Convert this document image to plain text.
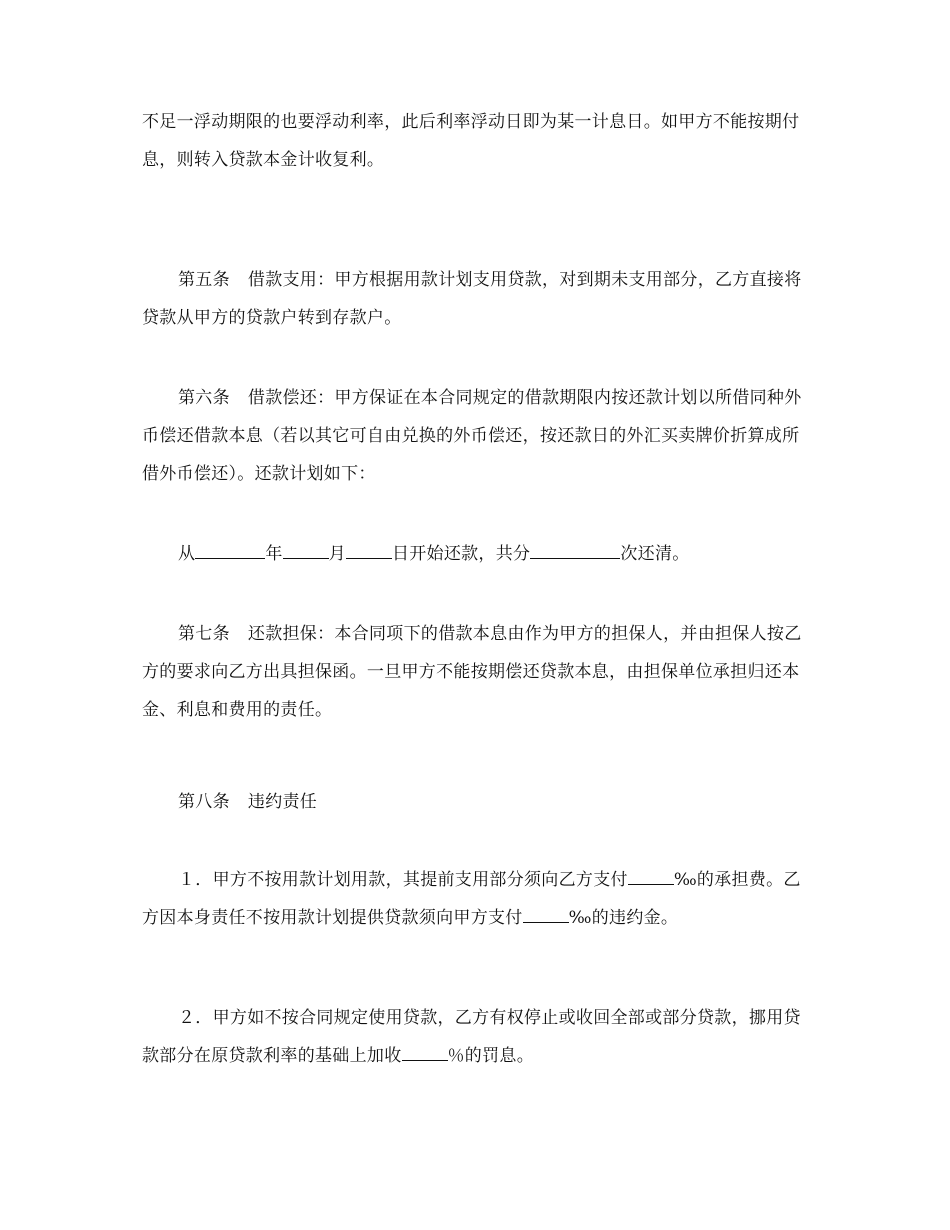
不足一浮动期限的也要浮动利率，此后利率浮动日即为某一计息日。如甲方不能按期付息，则转入贷款本金计收复利。

第五条 借款支用：甲方根据用款计划支用贷款，对到期未支用部分，乙方直接将贷款从甲方的贷款户转到存款户。

第六条 借款偿还：甲方保证在本合同规定的借款期限内按还款计划以所借同种外币偿还借款本息（若以其它可自由兑换的外币偿还，按还款日的外汇买卖牌价折算成所借外币偿还）。还款计划如下：

从	年	月	日开始还款，共分	次还清。

第七条 还款担保：本合同项下的借款本息由作为甲方的担保人，并由担保人按乙方的要求向乙方出具担保函。一旦甲方不能按期偿还贷款本息，由担保单位承担归还本金、利息和费用的责任。

第八条 违约责任

１．甲方不按用款计划用款，其提前支用部分须向乙方支付	‰的承担费。乙方因本身责任不按用款计划提供贷款须向甲方支付	‰的违约金。

２．甲方如不按合同规定使用贷款，乙方有权停止或收回全部或部分贷款，挪用贷款部分在原贷款利率的基础上加收	％的罚息。
